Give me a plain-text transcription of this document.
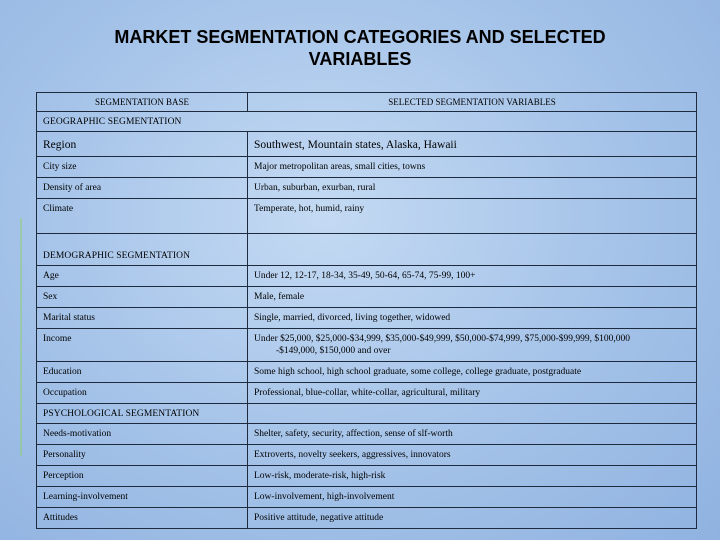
MARKET SEGMENTATION CATEGORIES AND SELECTED
VARIABLES
SEGMENTATION BASE	SELECTED SEGMENTATION VARIABLES
GEOGRAPHIC SEGMENTATION	
Region	Southwest, Mountain states, Alaska, Hawaii
City size	Major metropolitan areas, small cities, towns
Density of area	Urban, suburban, exurban, rural
Climate	Temperate, hot, humid, rainy
DEMOGRAPHIC SEGMENTATION	
Age	Under 12, 12-17, 18-34, 35-49, 50-64, 65-74, 75-99, 100+
Sex	Male, female
Marital status	Single, married, divorced, living together, widowed
Income	Under $25,000, $25,000-$34,999, $35,000-$49,999, $50,000-$74,999, $75,000-$99,999, $100,000
-$149,000, $150,000 and over

Education	Some high school, high school graduate, some college, college graduate, postgraduate
Occupation	Professional, blue-collar, white-collar, agricultural, military
PSYCHOLOGICAL SEGMENTATION	
Needs-motivation	Shelter, safety, security, affection, sense of slf-worth
Personality	Extroverts, novelty seekers, aggressives, innovators
Perception	Low-risk, moderate-risk, high-risk
Learning-involvement	Low-involvement, high-involvement
Attitudes	Positive attitude, negative attitude
